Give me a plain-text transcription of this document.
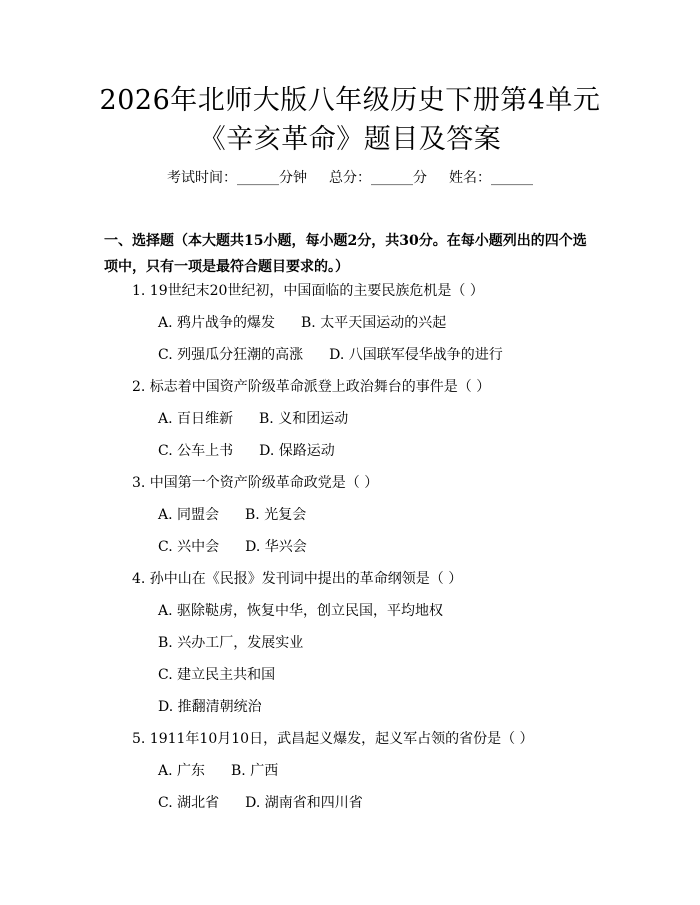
2026年北师大版八年级历史下册第4单元
《辛亥革命》题目及答案
考试时间：______分钟 总分：______分 姓名：______
一、选择题（本大题共15小题，每小题2分，共30分。在每小题列出的四个选
项中，只有一项是最符合题目要求的。）
1. 19世纪末20世纪初，中国面临的主要民族危机是（ ）
A. 鸦片战争的爆发 B. 太平天国运动的兴起
C. 列强瓜分狂潮的高涨 D. 八国联军侵华战争的进行
2. 标志着中国资产阶级革命派登上政治舞台的事件是（ ）
A. 百日维新 B. 义和团运动
C. 公车上书 D. 保路运动
3. 中国第一个资产阶级革命政党是（ ）
A. 同盟会 B. 光复会
C. 兴中会 D. 华兴会
4. 孙中山在《民报》发刊词中提出的革命纲领是（ ）
A. 驱除鞑虏，恢复中华，创立民国，平均地权
B. 兴办工厂，发展实业
C. 建立民主共和国
D. 推翻清朝统治
5. 1911年10月10日，武昌起义爆发，起义军占领的省份是（ ）
A. 广东 B. 广西
C. 湖北省 D. 湖南省和四川省
